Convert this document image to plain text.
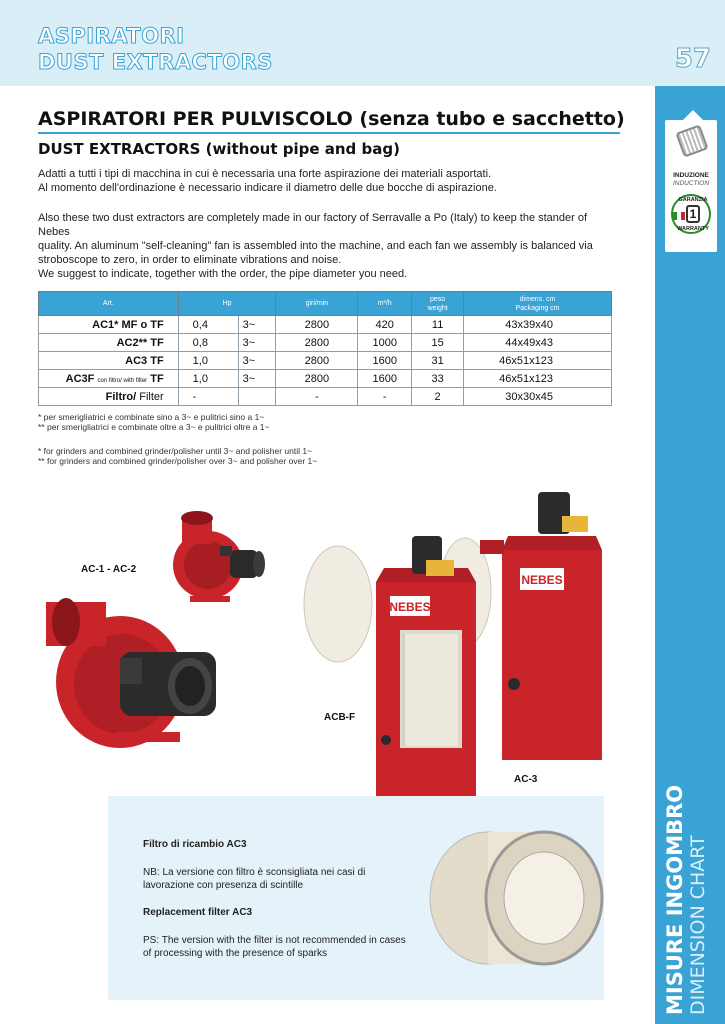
ASPIRATORI
DUST EXTRACTORS	57
INDUZIONE
INDUCTION
GARANZIA
1
WARRANTY
MISURE INGOMBRO DIMENSION CHART
ASPIRATORI PER PULVISCOLO (senza tubo e sacchetto)
DUST EXTRACTORS (without pipe and bag)
Adatti a tutti i tipi di macchina in cui è necessaria una forte aspirazione dei materiali asportati.
Al momento dell'ordinazione è necessario indicare il diametro delle due bocche di aspirazione.
Also these two dust extractors are completely made in our factory of Serravalle a Po (Italy) to keep the stander of Nebes
quality. An aluminum "self-cleaning" fan is assembled into the machine, and each fan we assembly is balanced via
stroboscope to zero, in order to eliminate vibrations and noise.
We suggest to indicate, together with the order, the pipe diameter you need.
Art.	Hp		giri/min	m³/h	peso
weight	dimens. cm
Packaging cm
AC1* MF o TF	0,4	3~	2800	420	11	43x39x40
AC2** TF	0,8	3~	2800	1000	15	44x49x43
AC3 TF	1,0	3~	2800	1600	31	46x51x123
AC3F con filtro/ with filter TF	1,0	3~	2800	1600	33	46x51x123
Filtro/ Filter	-		-	-	2	30x30x45
* per smerigliatrici e combinate sino a 3~ e pulitrici sino a 1~
** per smerigliatrici e combinate oltre a 3~ e pulitrici oltre a 1~
* for grinders and combined grinder/polisher until 3~ and polisher until 1~
** for grinders and combined grinder/polisher over 3~ and polisher over 1~
AC-1 - AC-2
NEBES
ACB-F
NEBES
AC-3
Filtro di ricambio AC3
NB: La versione con filtro è sconsigliata nei casi di lavorazione con presenza di scintille
Replacement filter AC3
PS: The version with the filter is not recommended in cases of processing with the presence of sparks
